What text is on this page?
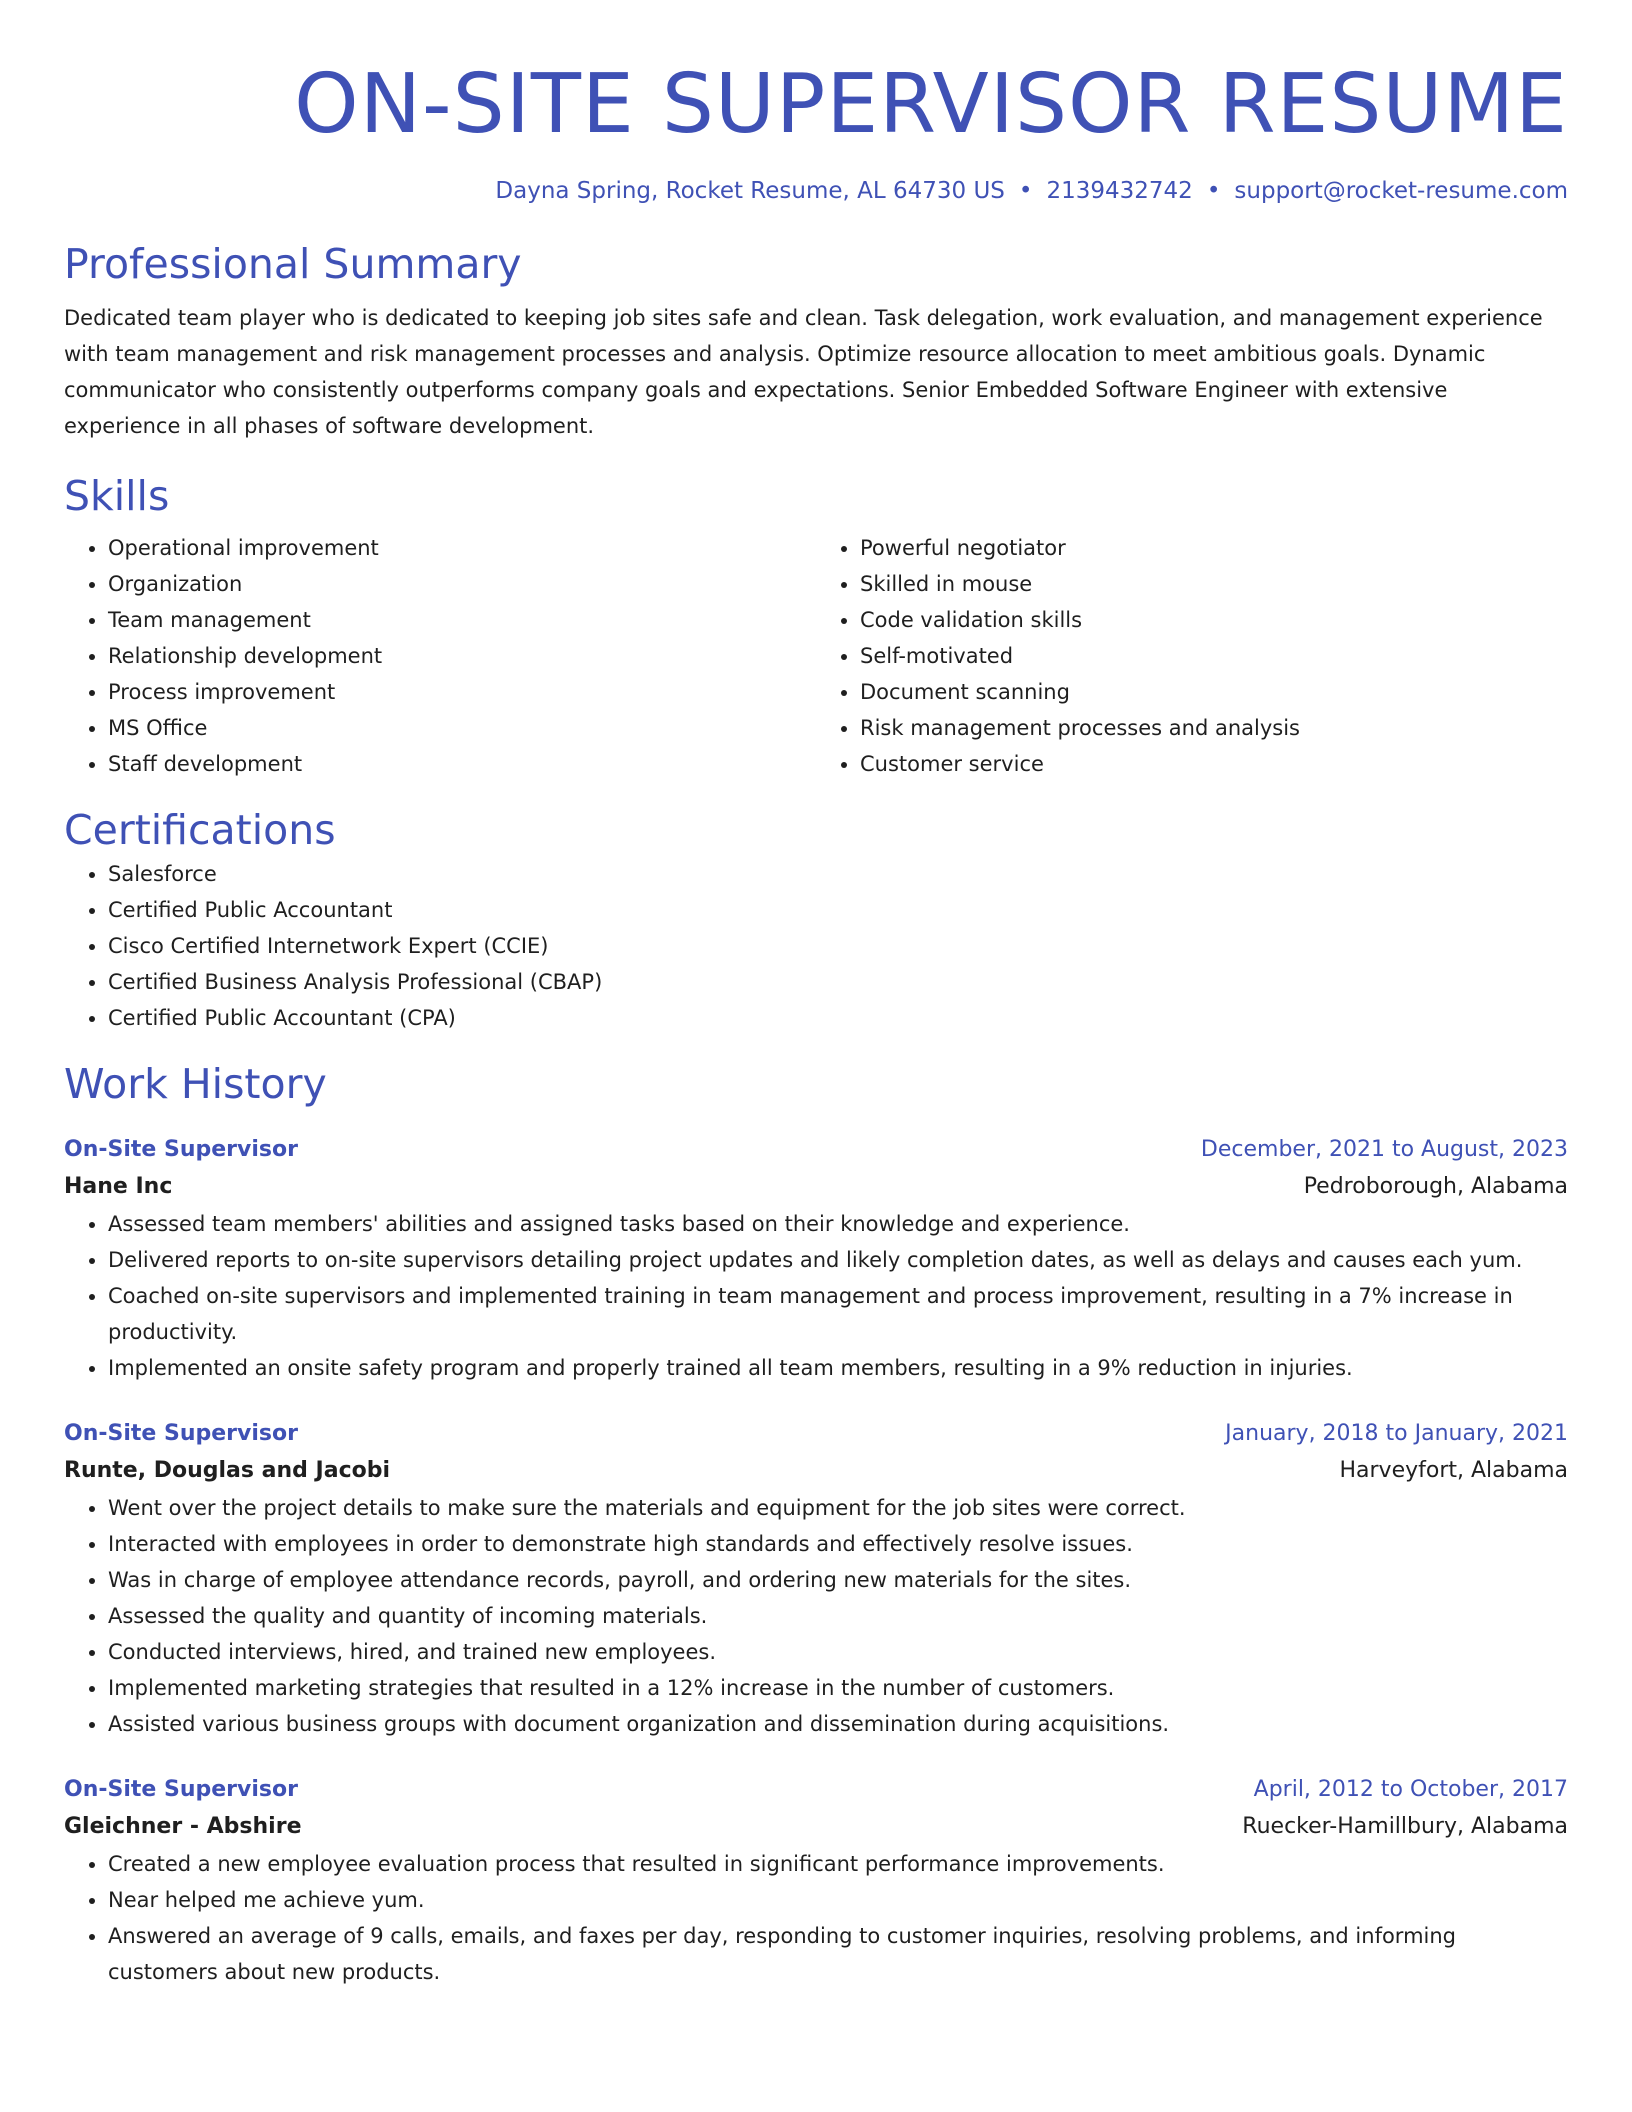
ON-SITE SUPERVISOR RESUME
Dayna Spring, Rocket Resume, AL 64730 US • 2139432742 • support@rocket-resume.com
Professional Summary

Dedicated team player who is dedicated to keeping job sites safe and clean. Task delegation, work evaluation, and management experience with team management and risk management processes and analysis. Optimize resource allocation to meet ambitious goals. Dynamic communicator who consistently outperforms company goals and expectations. Senior Embedded Software Engineer with extensive experience in all phases of software development.

Skills
• Operational improvement
• Organization
• Team management
• Relationship development
• Process improvement
• MS Office
• Staff development
• Powerful negotiator
• Skilled in mouse
• Code validation skills
• Self-motivated
• Document scanning
• Risk management processes and analysis
• Customer service
Certifications
• Salesforce
• Certified Public Accountant
• Cisco Certified Internetwork Expert (CCIE)
• Certified Business Analysis Professional (CBAP)
• Certified Public Accountant (CPA)
Work History
On-Site Supervisor	December, 2021 to August, 2023
Hane Inc	Pedroborough, Alabama
• Assessed team members' abilities and assigned tasks based on their knowledge and experience.
• Delivered reports to on-site supervisors detailing project updates and likely completion dates, as well as delays and causes each yum.
• Coached on-site supervisors and implemented training in team management and process improvement, resulting in a 7% increase in productivity.
• Implemented an onsite safety program and properly trained all team members, resulting in a 9% reduction in injuries.
On-Site Supervisor	January, 2018 to January, 2021
Runte, Douglas and Jacobi	Harveyfort, Alabama
• Went over the project details to make sure the materials and equipment for the job sites were correct.
• Interacted with employees in order to demonstrate high standards and effectively resolve issues.
• Was in charge of employee attendance records, payroll, and ordering new materials for the sites.
• Assessed the quality and quantity of incoming materials.
• Conducted interviews, hired, and trained new employees.
• Implemented marketing strategies that resulted in a 12% increase in the number of customers.
• Assisted various business groups with document organization and dissemination during acquisitions.
On-Site Supervisor	April, 2012 to October, 2017
Gleichner - Abshire	Ruecker-Hamillbury, Alabama
• Created a new employee evaluation process that resulted in significant performance improvements.
• Near helped me achieve yum.
• Answered an average of 9 calls, emails, and faxes per day, responding to customer inquiries, resolving problems, and informing customers about new products.
